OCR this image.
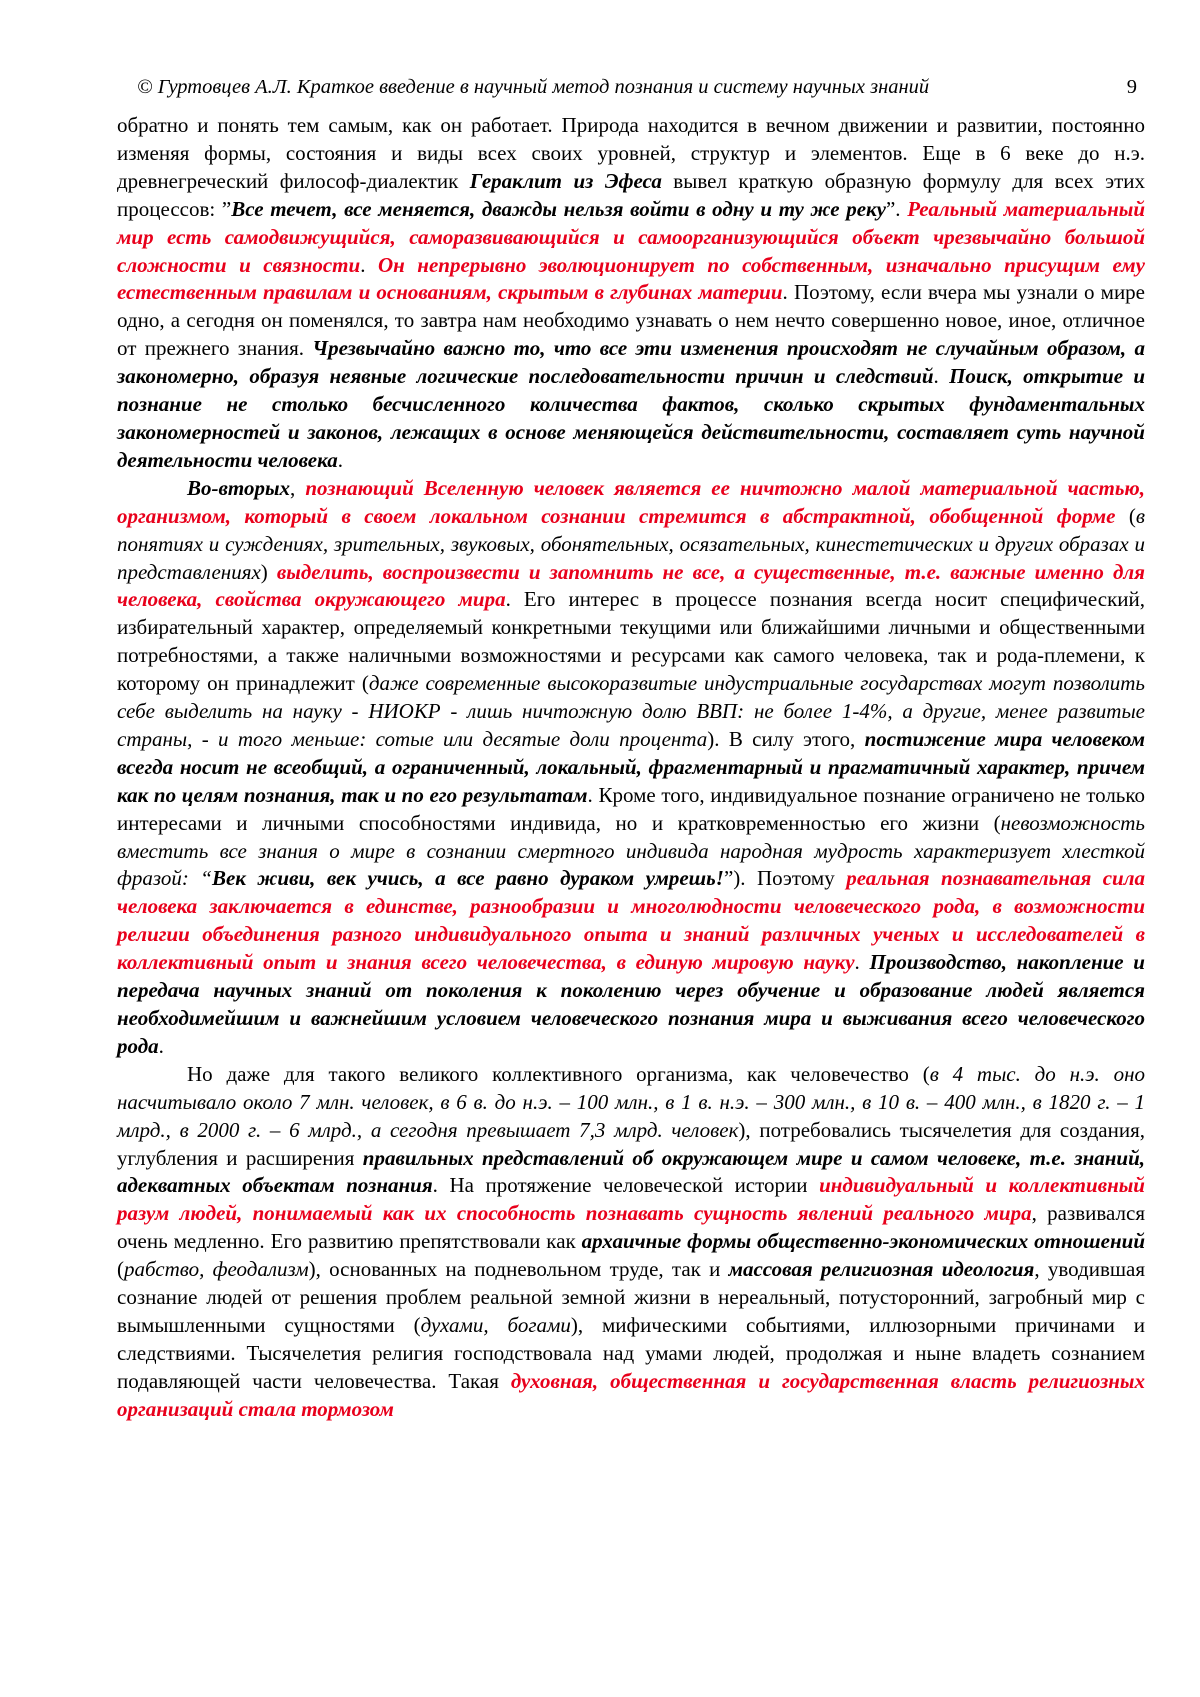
© Гуртовцев А.Л. Краткое введение в научный метод познания и систему научных знаний	9

обратно и понять тем самым, как он работает. Природа находится в вечном движении и развитии, постоянно изменяя формы, состояния и виды всех своих уровней, структур и элементов. Еще в 6 веке до н.э. древнегреческий философ-диалектик Гераклит из Эфеса вывел краткую образную формулу для всех этих процессов: ”Все течет, все меняется, дважды нельзя войти в одну и ту же реку”. Реальный материальный мир есть самодвижущийся, саморазвивающийся и самоорганизующийся объект чрезвычайно большой сложности и связности. Он непрерывно эволюционирует по собственным, изначально присущим ему естественным правилам и основаниям, скрытым в глубинах материи. Поэтому, если вчера мы узнали о мире одно, а сегодня он поменялся, то завтра нам необходимо узнавать о нем нечто совершенно новое, иное, отличное от прежнего знания. Чрезвычайно важно то, что все эти изменения происходят не случайным образом, а закономерно, образуя неявные логические последовательности причин и следствий. Поиск, открытие и познание не столько бесчисленного количества фактов, сколько скрытых фундаментальных закономерностей и законов, лежащих в основе меняющейся действительности, составляет суть научной деятельности человека.

Во-вторых, познающий Вселенную человек является ее ничтожно малой материальной частью, организмом, который в своем локальном сознании стремится в абстрактной, обобщенной форме (в понятиях и суждениях, зрительных, звуковых, обонятельных, осязательных, кинестетических и других образах и представлениях) выделить, воспроизвести и запомнить не все, а существенные, т.е. важные именно для человека, свойства окружающего мира. Его интерес в процессе познания всегда носит специфический, избирательный характер, определяемый конкретными текущими или ближайшими личными и общественными потребностями, а также наличными возможностями и ресурсами как самого человека, так и рода-племени, к которому он принадлежит (даже современные высокоразвитые индустриальные государствах могут позволить себе выделить на науку - НИОКР - лишь ничтожную долю ВВП: не более 1-4%, а другие, менее развитые страны, - и того меньше: сотые или десятые доли процента). В силу этого, постижение мира человеком всегда носит не всеобщий, а ограниченный, локальный, фрагментарный и прагматичный характер, причем как по целям познания, так и по его результатам. Кроме того, индивидуальное познание ограничено не только интересами и личными способностями индивида, но и кратковременностью его жизни (невозможность вместить все знания о мире в сознании смертного индивида народная мудрость характеризует хлесткой фразой: “Век живи, век учись, а все равно дураком умрешь!”). Поэтому реальная познавательная сила человека заключается в единстве, разнообразии и многолюдности человеческого рода, в возможности религии объединения разного индивидуального опыта и знаний различных ученых и исследователей в коллективный опыт и знания всего человечества, в единую мировую науку. Производство, накопление и передача научных знаний от поколения к поколению через обучение и образование людей является необходимейшим и важнейшим условием человеческого познания мира и выживания всего человеческого рода.

Но даже для такого великого коллективного организма, как человечество (в 4 тыс. до н.э. оно насчитывало около 7 млн. человек, в 6 в. до н.э. – 100 млн., в 1 в. н.э. – 300 млн., в 10 в. – 400 млн., в 1820 г. – 1 млрд., в 2000 г. – 6 млрд., а сегодня превышает 7,3 млрд. человек), потребовались тысячелетия для создания, углубления и расширения правильных представлений об окружающем мире и самом человеке, т.е. знаний, адекватных объектам познания. На протяжение человеческой истории индивидуальный и коллективный разум людей, понимаемый как их способность познавать сущность явлений реального мира, развивался очень медленно. Его развитию препятствовали как архаичные формы общественно-экономических отношений (рабство, феодализм), основанных на подневольном труде, так и массовая религиозная идеология, уводившая сознание людей от решения проблем реальной земной жизни в нереальный, потусторонний, загробный мир с вымышленными сущностями (духами, богами), мифическими событиями, иллюзорными причинами и следствиями. Тысячелетия религия господствовала над умами людей, продолжая и ныне владеть сознанием подавляющей части человечества. Такая духовная, общественная и государственная власть религиозных организаций стала тормозом
